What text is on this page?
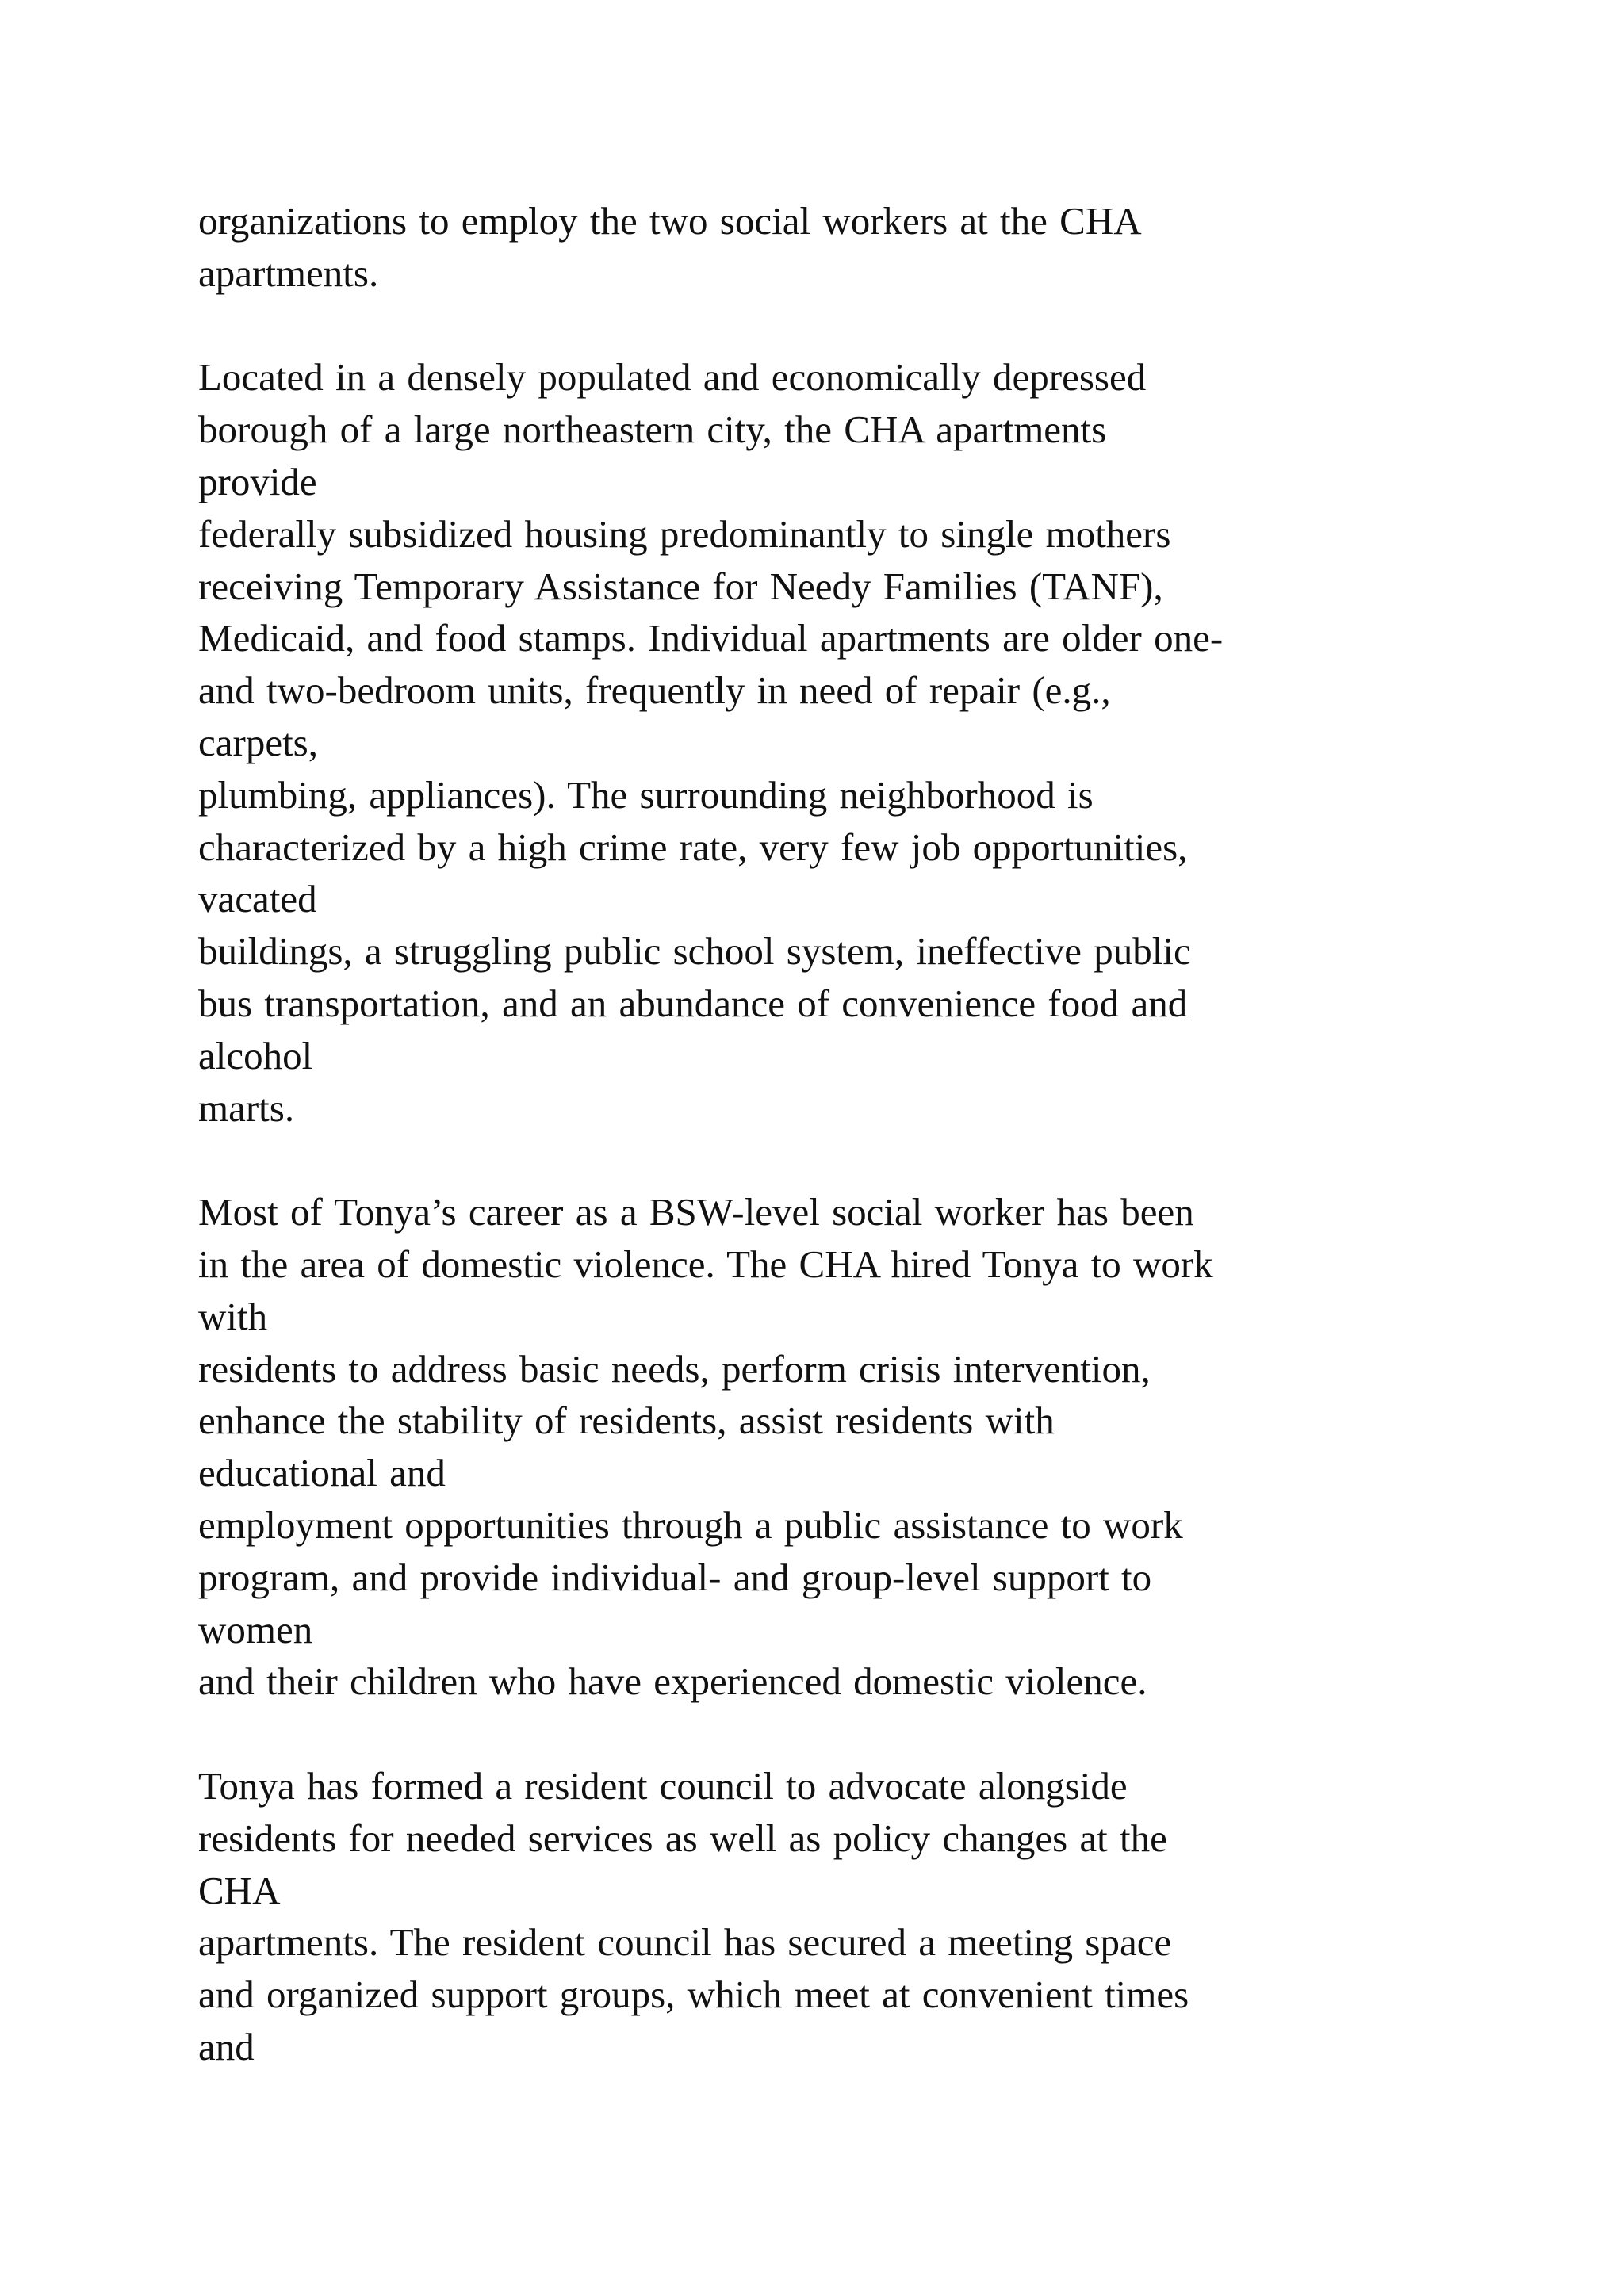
organizations to employ the two social workers at the CHA
apartments.
Located in a densely populated and economically depressed
borough of a large northeastern city, the CHA apartments
provide
federally subsidized housing predominantly to single mothers
receiving Temporary Assistance for Needy Families (TANF),
Medicaid, and food stamps. Individual apartments are older one-
and two-bedroom units, frequently in need of repair (e.g.,
carpets,
plumbing, appliances). The surrounding neighborhood is
characterized by a high crime rate, very few job opportunities,
vacated
buildings, a struggling public school system, ineffective public
bus transportation, and an abundance of convenience food and
alcohol
marts.
Most of Tonya’s career as a BSW-level social worker has been
in the area of domestic violence. The CHA hired Tonya to work
with
residents to address basic needs, perform crisis intervention,
enhance the stability of residents, assist residents with
educational and
employment opportunities through a public assistance to work
program, and provide individual- and group-level support to
women
and their children who have experienced domestic violence.
Tonya has formed a resident council to advocate alongside
residents for needed services as well as policy changes at the
CHA
apartments. The resident council has secured a meeting space
and organized support groups, which meet at convenient times
and
